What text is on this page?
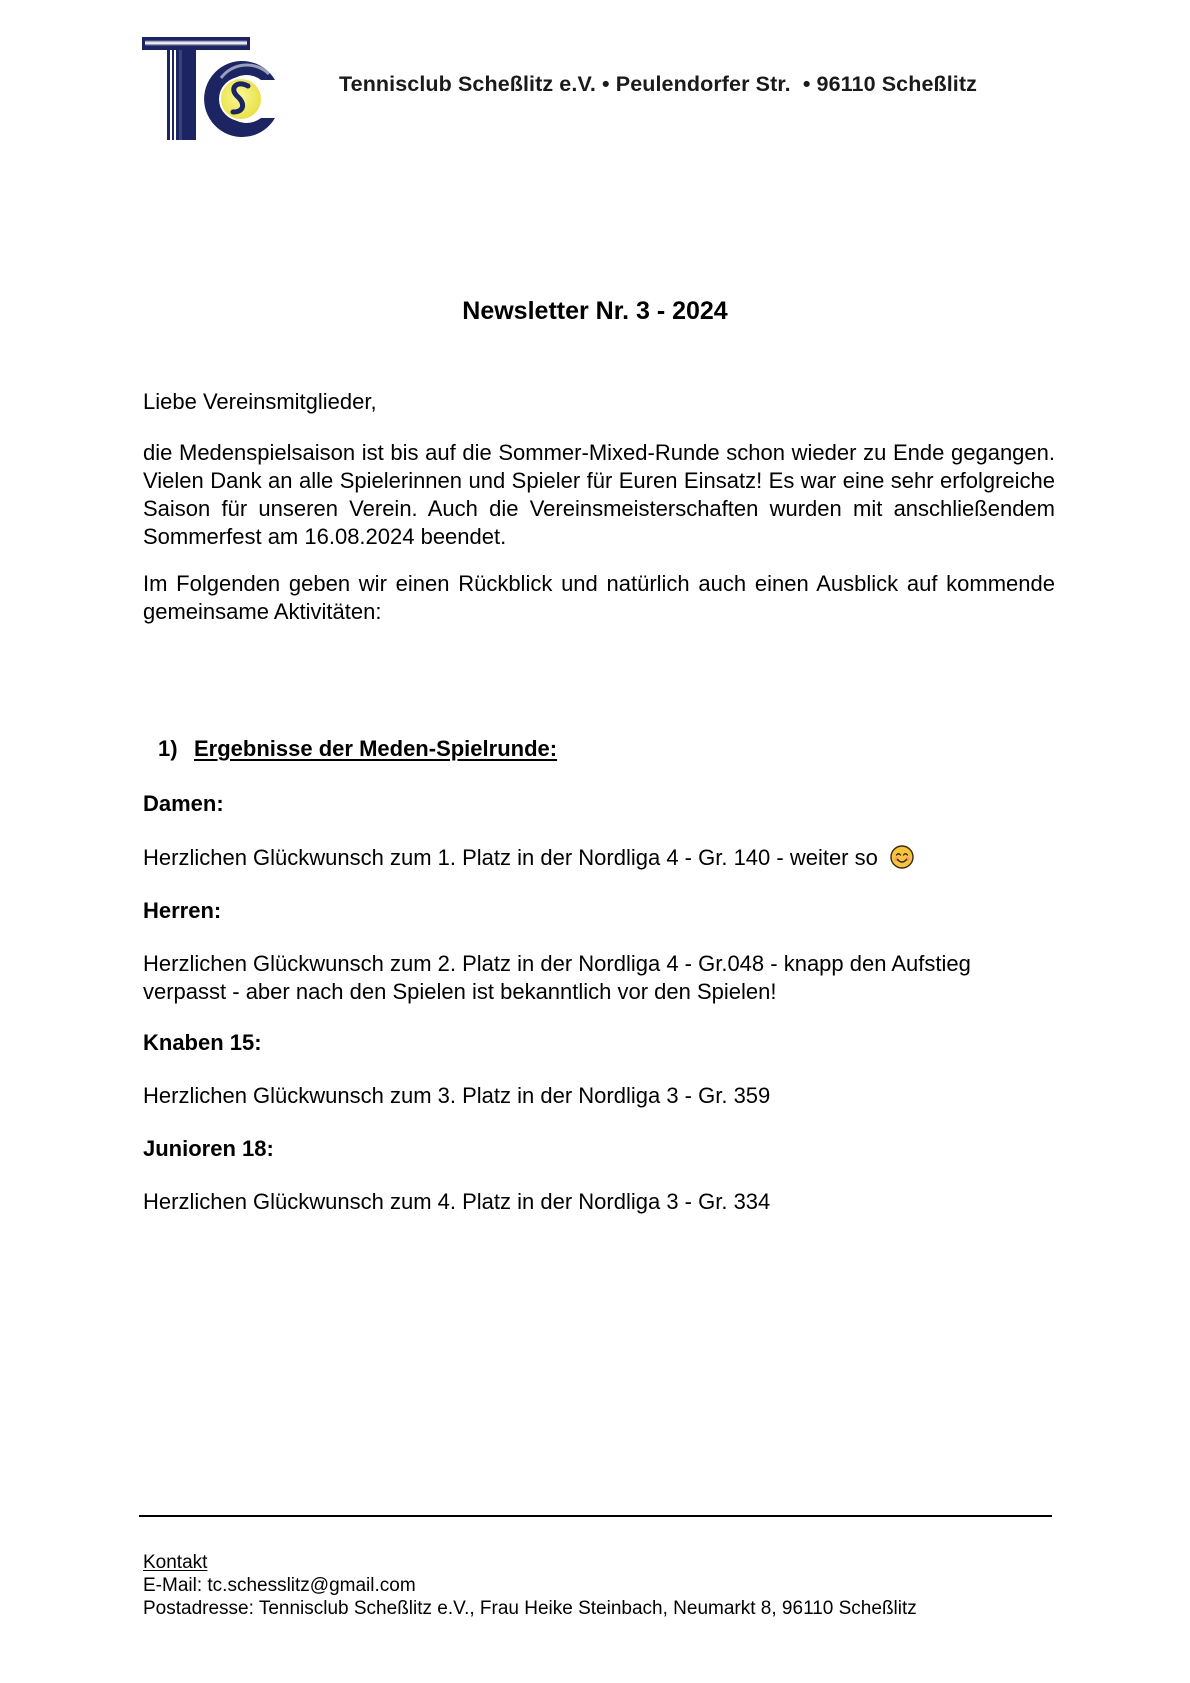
Tennisclub Scheßlitz e.V. • Peulendorfer Str.  • 96110 Scheßlitz
Newsletter Nr. 3 - 2024
Liebe Vereinsmitglieder,
die Medenspielsaison ist bis auf die Sommer-Mixed-Runde schon wieder zu Ende gegangen. Vielen Dank an alle Spielerinnen und Spieler für Euren Einsatz! Es war eine sehr erfolgreiche Saison für unseren Verein. Auch die Vereinsmeisterschaften wurden mit anschließendem Sommerfest am 16.08.2024 beendet.
Im Folgenden geben wir einen Rückblick und natürlich auch einen Ausblick auf kommende gemeinsame Aktivitäten:
1) Ergebnisse der Meden-Spielrunde:
Damen:
Herzlichen Glückwunsch zum 1. Platz in der Nordliga 4 - Gr. 140 - weiter so
Herren:
Herzlichen Glückwunsch zum 2. Platz in der Nordliga 4 - Gr.048 - knapp den Aufstieg verpasst - aber nach den Spielen ist bekanntlich vor den Spielen!
Knaben 15:
Herzlichen Glückwunsch zum 3. Platz in der Nordliga 3 - Gr. 359
Junioren 18:
Herzlichen Glückwunsch zum 4. Platz in der Nordliga 3 - Gr. 334
Kontakt
E-Mail: tc.schesslitz@gmail.com
Postadresse: Tennisclub Scheßlitz e.V., Frau Heike Steinbach, Neumarkt 8, 96110 Scheßlitz
